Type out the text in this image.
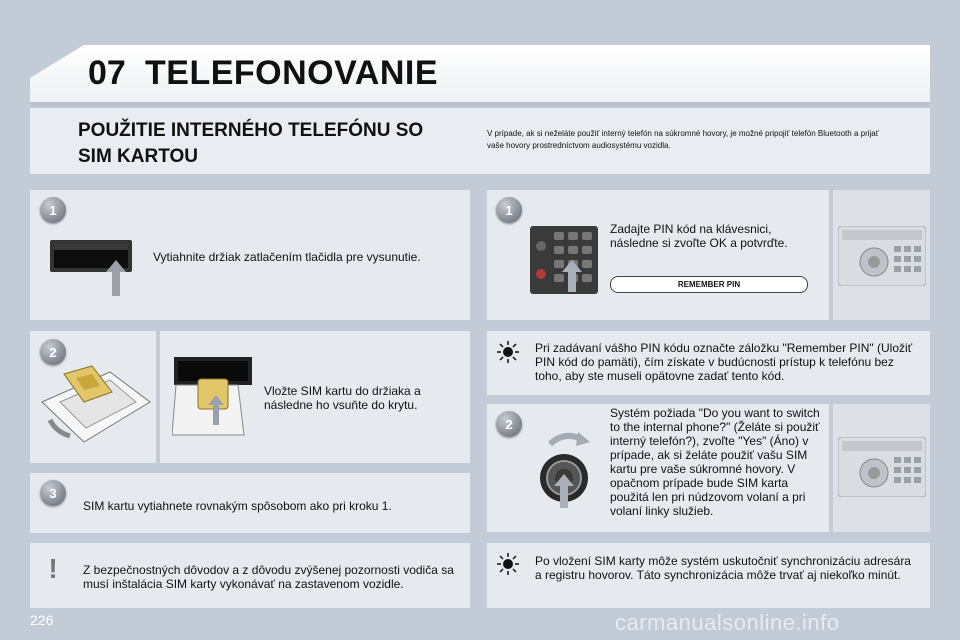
07 TELEFONOVANIE
POUŽITIE INTERNÉHO TELEFÓNU SO SIM KARTOU
V prípade, ak si neželáte použiť interný telefón na súkromné hovory, je možné pripojiť telefón Bluetooth a prijať vaše hovory prostredníctvom audiosystému vozidla.
1
Vytiahnite držiak zatlačením tlačidla pre vysunutie.
2
Vložte SIM kartu do držiaka a následne ho vsuňte do krytu.
3
SIM kartu vytiahnete rovnakým spôsobom ako pri kroku 1.
!	Z bezpečnostných dôvodov a z dôvodu zvýšenej pozornosti vodiča sa musí inštalácia SIM karty vykonávať na zastavenom vozidle.
1
Zadajte PIN kód na klávesnici, následne si zvoľte OK a potvrďte.
REMEMBER PIN
Pri zadávaní vášho PIN kódu označte záložku "Remember PIN" (Uložiť PIN kód do pamäti), čím získate v budúcnosti prístup k telefónu bez toho, aby ste museli opätovne zadať tento kód.
2
Systém požiada "Do you want to switch to the internal phone?" (Želáte si použiť interný telefón?), zvoľte "Yes" (Áno) v prípade, ak si želáte použiť vašu SIM kartu pre vaše súkromné hovory. V opačnom prípade bude SIM karta použitá len pri núdzovom volaní a pri volaní linky služieb.
Po vložení SIM karty môže systém uskutočniť synchronizáciu adresára a registru hovorov. Táto synchronizácia môže trvať aj niekoľko minút.
226	carmanualsonline.info
